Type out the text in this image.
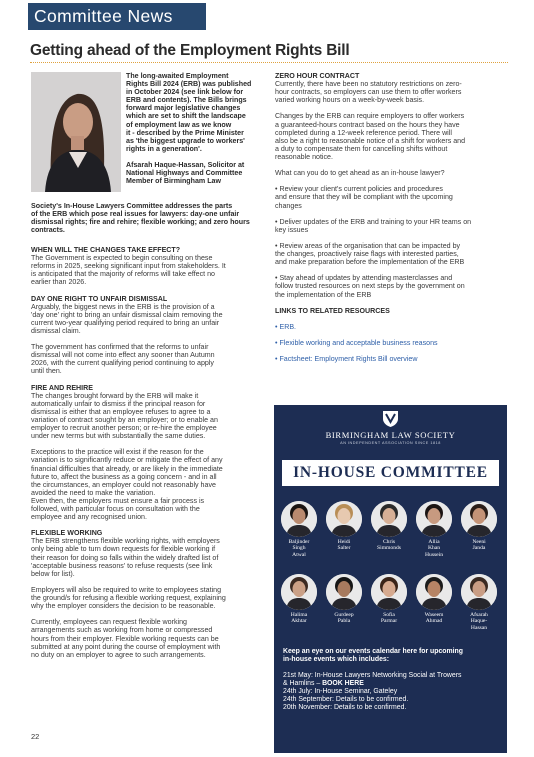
Committee News
Getting ahead of the Employment Rights Bill
The long-awaited Employment
Rights Bill 2024 (ERB) was published
in October 2024 (see link below for
ERB and contents). The Bills brings
forward major legislative changes
which are set to shift the landscape
of employment law as we know
it - described by the Prime Minister
as 'the biggest upgrade to workers'
rights in a generation'.
Afsarah Haque-Hassan, Solicitor at
National Highways and Committee
Member of Birmingham Law
Society's In-House Lawyers Committee addresses the parts
of the ERB which pose real issues for lawyers: day-one unfair
dismissal rights; fire and rehire; flexible working; and zero hours
contracts.

WHEN WILL THE CHANGES TAKE EFFECT?
The Government is expected to begin consulting on these
reforms in 2025, seeking significant input from stakeholders. It
is anticipated that the majority of reforms will take effect no
earlier than 2026.

DAY ONE RIGHT TO UNFAIR DISMISSAL
Arguably, the biggest news in the ERB is the provision of a
'day one' right to bring an unfair dismissal claim removing the
current two-year qualifying period required to bring an unfair
dismissal claim.

The government has confirmed that the reforms to unfair
dismissal will not come into effect any sooner than Autumn
2026, with the current qualifying period continuing to apply
until then.

FIRE AND REHIRE
The changes brought forward by the ERB will make it
automatically unfair to dismiss if the principal reason for
dismissal is either that an employee refuses to agree to a
variation of contract sought by an employer; or to enable an
employer to recruit another person; or re-hire the employee
under new terms but with substantially the same duties.

Exceptions to the practice will exist if the reason for the
variation is to significantly reduce or mitigate the effect of any
financial difficulties that already, or are likely in the immediate
future to, affect the business as a going concern - and in all
the circumstances, an employer could not reasonably have
avoided the need to make the variation.
Even then, the employers must ensure a fair process is
followed, with particular focus on consultation with the
employee and any recognised union.

FLEXIBLE WORKING
The ERB strengthens flexible working rights, with employers
only being able to turn down requests for flexible working if
their reason for doing so falls within the widely drafted list of
'acceptable business reasons' to refuse requests (see link
below for list).

Employers will also be required to write to employees stating
the ground/s for refusing a flexible working request, explaining
why the employer considers the decision to be reasonable.

Currently, employees can request flexible working
arrangements such as working from home or compressed
hours from their employer. Flexible working requests can be
submitted at any point during the course of employment with
no duty on an employer to agree to such arrangements.

ZERO HOUR CONTRACT
Currently, there have been no statutory restrictions on zero-
hour contracts, so employers can use them to offer workers
varied working hours on a week-by-week basis.

Changes by the ERB can require employers to offer workers
a guaranteed-hours contract based on the hours they have
completed during a 12-week reference period. There will
also be a right to reasonable notice of a shift for workers and
a duty to compensate them for cancelling shifts without
reasonable notice.

What can you do to get ahead as an in-house lawyer?

• Review your client's current policies and procedures
and ensure that they will be compliant with the upcoming
changes

• Deliver updates of the ERB and training to your HR teams on
key issues

• Review areas of the organisation that can be impacted by
the changes, proactively raise flags with interested parties,
and make preparation before the implementation of the ERB

• Stay ahead of updates by attending masterclasses and
follow trusted resources on next steps by the government on
the implementation of the ERB

LINKS TO RELATED RESOURCES

• ERB.

• Flexible working and acceptable business reasons

• Factsheet: Employment Rights Bill overview

BIRMINGHAM LAW SOCIETY
AN INDEPENDENT ASSOCIATION SINCE 1818
IN-HOUSE COMMITTEE
Baljinder
Singh
Atwal
Heidi
Salter
Chris
Simmonds
Allia
Khan
Hussein
Neeni
Janda
Halima
Akhtar
Gurdeep
Pabla
Sofia
Parmar
Waseem
Ahmad
Afsarah
Haque-
Hassan

Keep an eye on our events calendar here for upcoming
in-house events which includes:

21st May: In-House Lawyers Networking Social at Trowers

& Hamlins – BOOK HERE

24th July: In-House Seminar, Gateley

24th September: Details to be confirmed.

20th November: Details to be confirmed.

22
